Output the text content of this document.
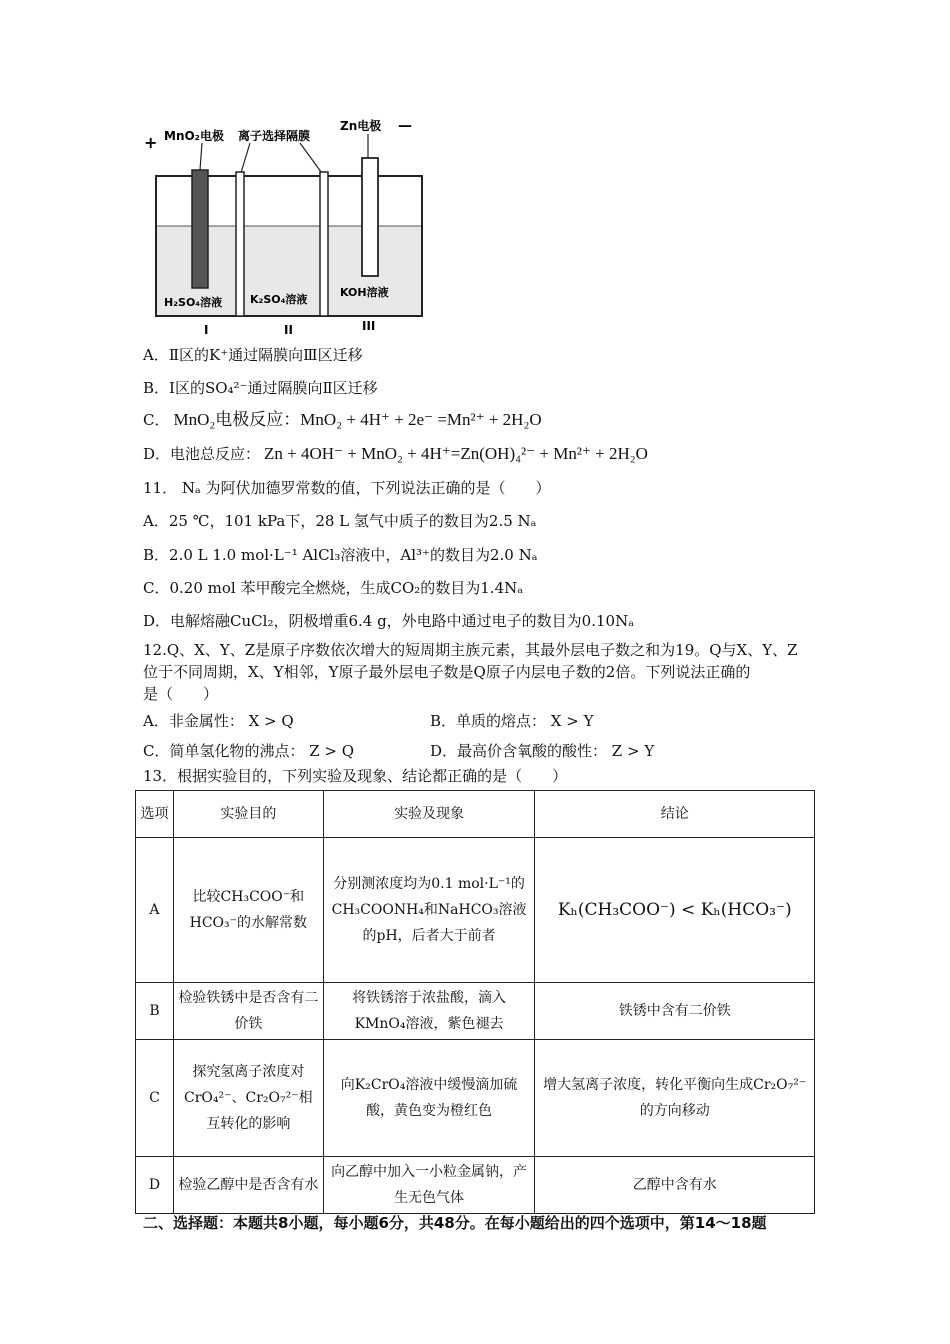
+ MnO₂电极 离子选择隔膜
Zn电极 —
H₂SO₄溶液	K₂SO₄溶液
KOH溶液
I	II	III
A．Ⅱ区的K⁺通过隔膜向Ⅲ区迁移
B．Ⅰ区的SO₄²⁻通过隔膜向Ⅱ区迁移
C． MnO₂电极反应：MnO₂ + 4H⁺ + 2e⁻ =Mn²⁺ + 2H₂O
D．电池总反应： Zn + 4OH⁻ + MnO₂ + 4H⁺=Zn(OH)₄²⁻ + Mn²⁺ + 2H₂O
11． Nₐ 为阿伏加德罗常数的值，下列说法正确的是（　　）
A．25 ℃，101 kPa下，28 L 氢气中质子的数目为2.5 Nₐ
B．2.0 L 1.0 mol·L⁻¹ AlCl₃溶液中，Al³⁺的数目为2.0 Nₐ
C．0.20 mol 苯甲酸完全燃烧，生成CO₂的数目为1.4Nₐ
D．电解熔融CuCl₂，阴极增重6.4 g，外电路中通过电子的数目为0.10Nₐ
12.Q、X、Y、Z是原子序数依次增大的短周期主族元素，其最外层电子数之和为19。Q与X、Y、Z
位于不同周期，X、Y相邻，Y原子最外层电子数是Q原子内层电子数的2倍。下列说法正确的
是（　　）
A．非金属性： X > Q	B．单质的熔点： X > Y
C．简单氢化物的沸点： Z > Q	D．最高价含氧酸的酸性： Z > Y
13．根据实验目的，下列实验及现象、结论都正确的是（　　）
选项	实验目的	实验及现象	结论
A	比较CH₃COO⁻和HCO₃⁻的水解常数	分别测浓度均为0.1 mol·L⁻¹的CH₃COONH₄和NaHCO₃溶液的pH，后者大于前者	Kₕ(CH₃COO⁻) < Kₕ(HCO₃⁻)
B	检验铁锈中是否含有二价铁	将铁锈溶于浓盐酸，滴入KMnO₄溶液，紫色褪去	铁锈中含有二价铁
C	探究氢离子浓度对CrO₄²⁻、Cr₂O₇²⁻相互转化的影响	向K₂CrO₄溶液中缓慢滴加硫酸，黄色变为橙红色	增大氢离子浓度，转化平衡向生成Cr₂O₇²⁻的方向移动
D	检验乙醇中是否含有水	向乙醇中加入一小粒金属钠，产生无色气体	乙醇中含有水
二、选择题：本题共8小题，每小题6分，共48分。在每小题给出的四个选项中，第14～18题
